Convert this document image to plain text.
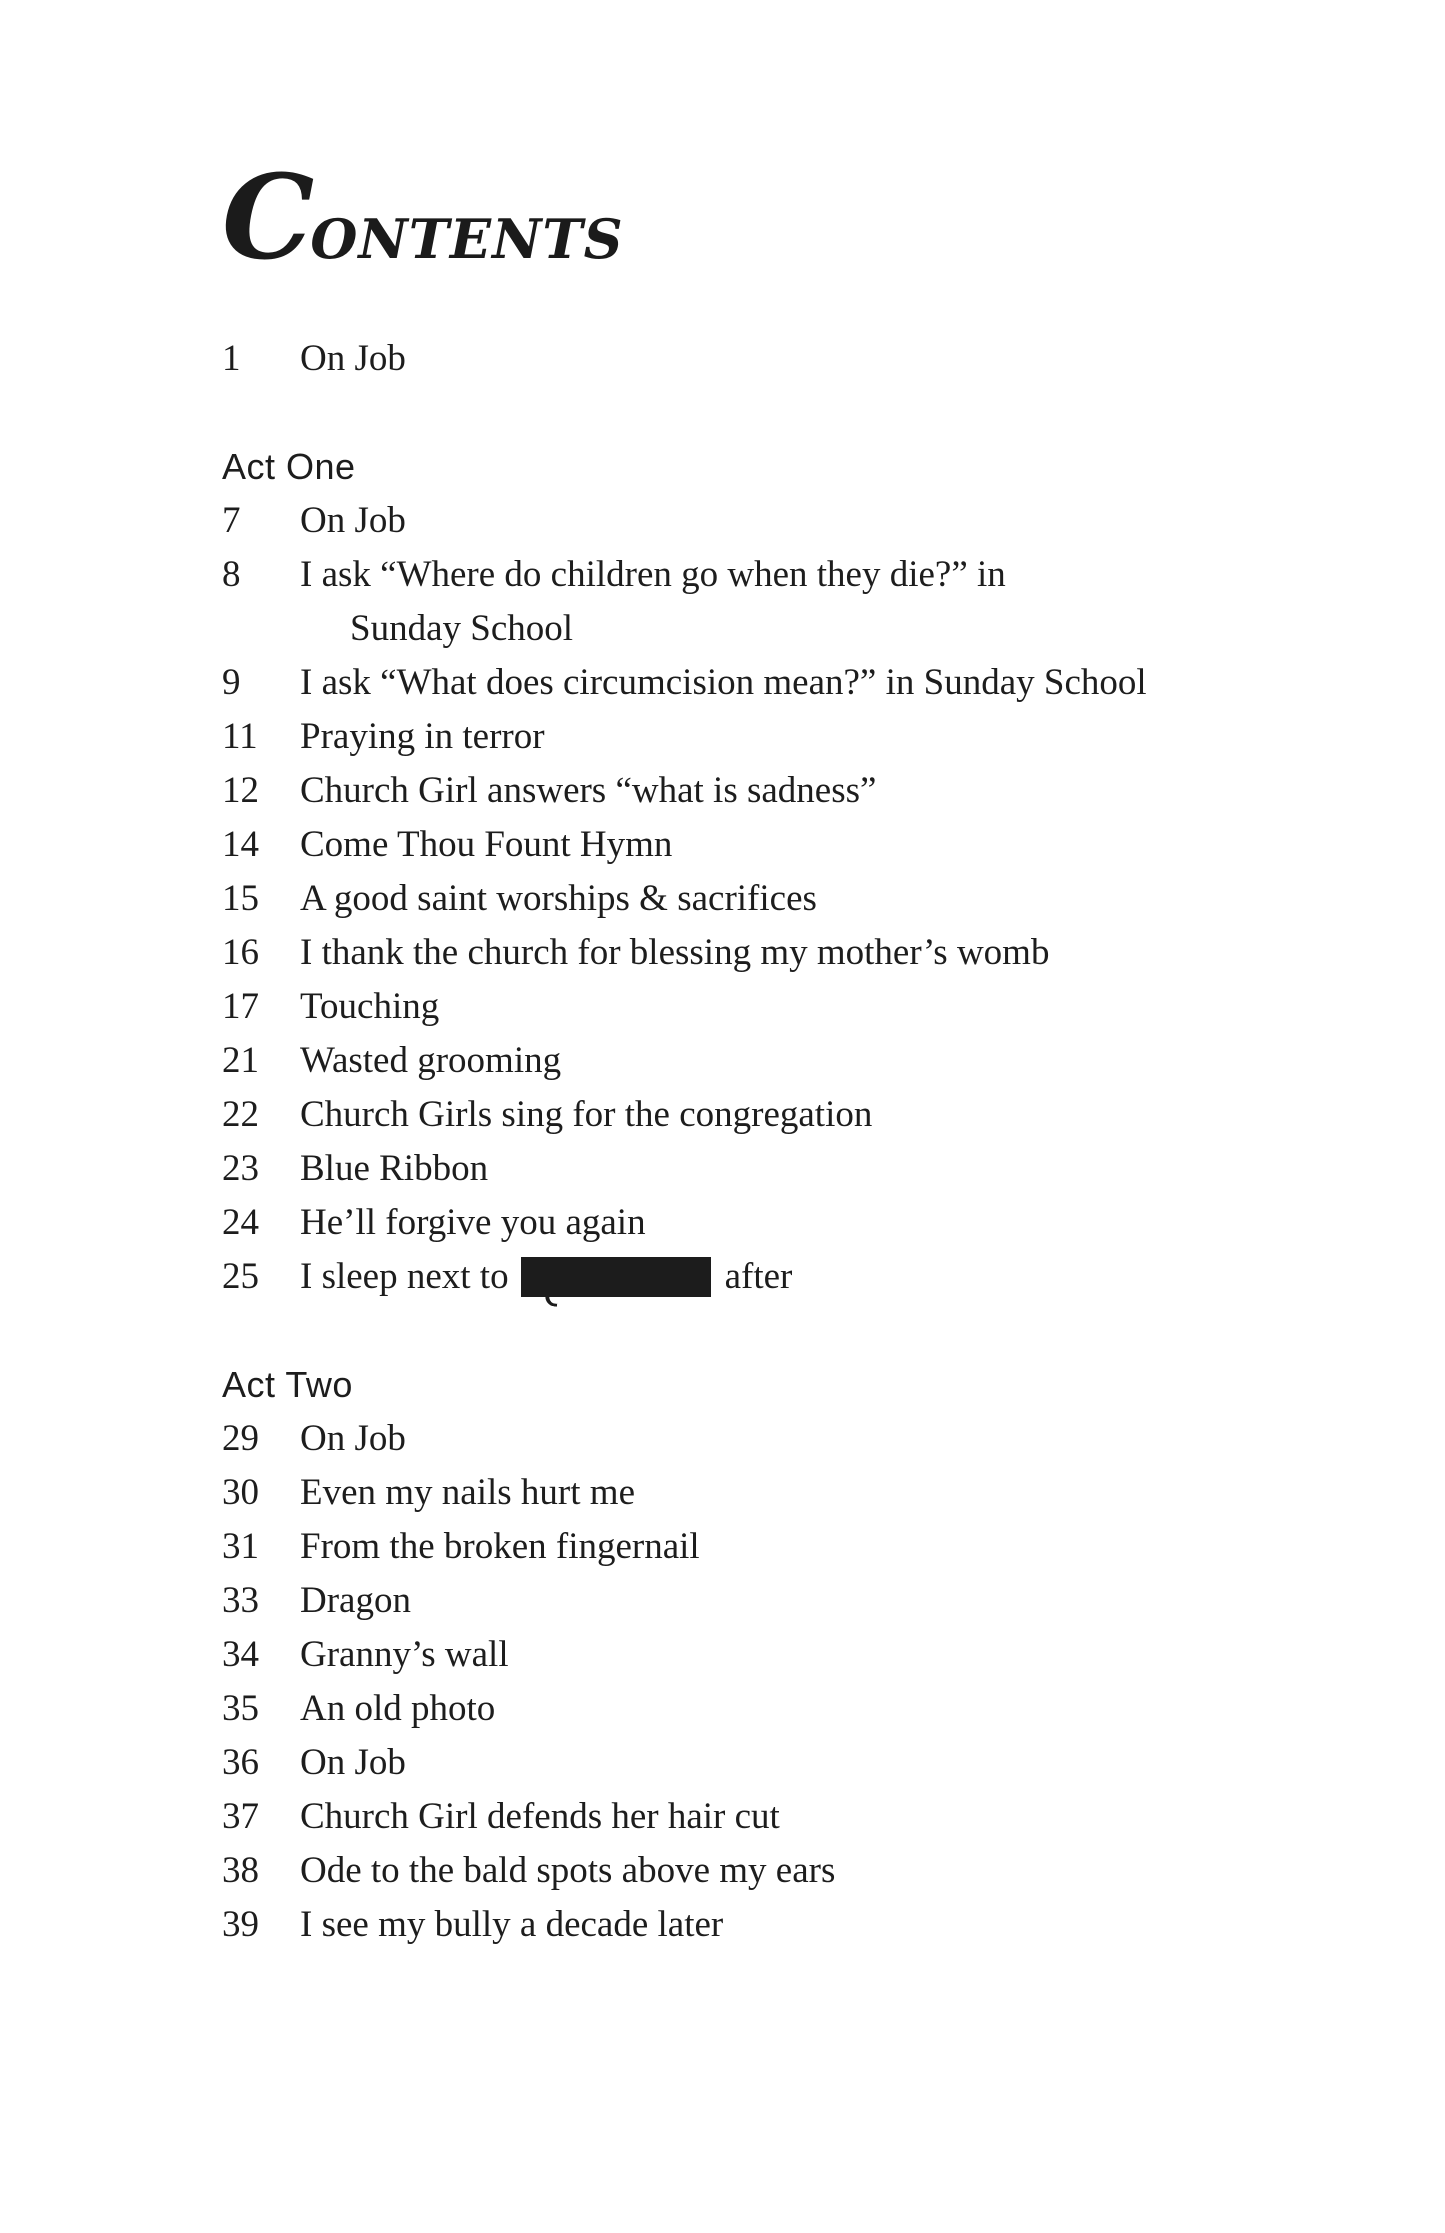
CONTENTS
1	On Job
Act One
7	On Job
8	I ask “Where do children go when they die?” in
Sunday School
9	I ask “What does circumcision mean?” in Sunday School
11	Praying in terror
12	Church Girl answers “what is sadness”
14	Come Thou Fount Hymn
15	A good saint worships & sacrifices
16	I thank the church for blessing my mother’s womb
17	Touching
21	Wasted grooming
22	Church Girls sing for the congregation
23	Blue Ribbon
24	He’ll forgive you again
25	I sleep next to	after
Act Two
29	On Job
30	Even my nails hurt me
31	From the broken fingernail
33	Dragon
34	Granny’s wall
35	An old photo
36	On Job
37	Church Girl defends her hair cut
38	Ode to the bald spots above my ears
39	I see my bully a decade later
